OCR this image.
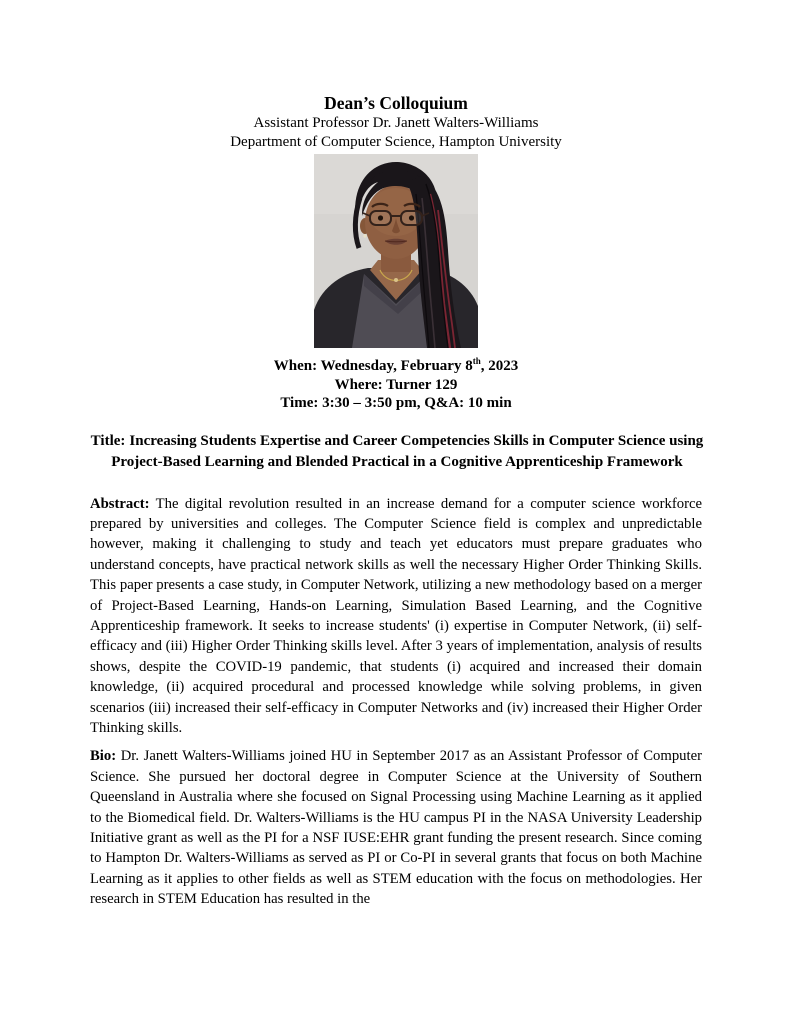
Dean’s Colloquium
Assistant Professor Dr. Janett Walters-Williams
Department of Computer Science, Hampton University
When: Wednesday, February 8th, 2023
Where: Turner 129
Time: 3:30 – 3:50 pm, Q&A: 10 min
Title: Increasing Students Expertise and Career Competencies Skills in Computer Science using Project-Based Learning and Blended Practical in a Cognitive Apprenticeship Framework

Abstract: The digital revolution resulted in an increase demand for a computer science workforce prepared by universities and colleges. The Computer Science field is complex and unpredictable however, making it challenging to study and teach yet educators must prepare graduates who understand concepts, have practical network skills as well the necessary Higher Order Thinking Skills. This paper presents a case study, in Computer Network, utilizing a new methodology based on a merger of Project-Based Learning, Hands-on Learning, Simulation Based Learning, and the Cognitive Apprenticeship framework. It seeks to increase students' (i) expertise in Computer Network, (ii) self-efficacy and (iii) Higher Order Thinking skills level. After 3 years of implementation, analysis of results shows, despite the COVID-19 pandemic, that students (i) acquired and increased their domain knowledge, (ii) acquired procedural and processed knowledge while solving problems, in given scenarios (iii) increased their self-efficacy in Computer Networks and (iv) increased their Higher Order Thinking skills.

Bio: Dr. Janett Walters-Williams joined HU in September 2017 as an Assistant Professor of Computer Science. She pursued her doctoral degree in Computer Science at the University of Southern Queensland in Australia where she focused on Signal Processing using Machine Learning as it applied to the Biomedical field. Dr. Walters-Williams is the HU campus PI in the NASA University Leadership Initiative grant as well as the PI for a NSF IUSE:EHR grant funding the present research. Since coming to Hampton Dr. Walters-Williams as served as PI or Co-PI in several grants that focus on both Machine Learning as it applies to other fields as well as STEM education with the focus on methodologies. Her research in STEM Education has resulted in the
